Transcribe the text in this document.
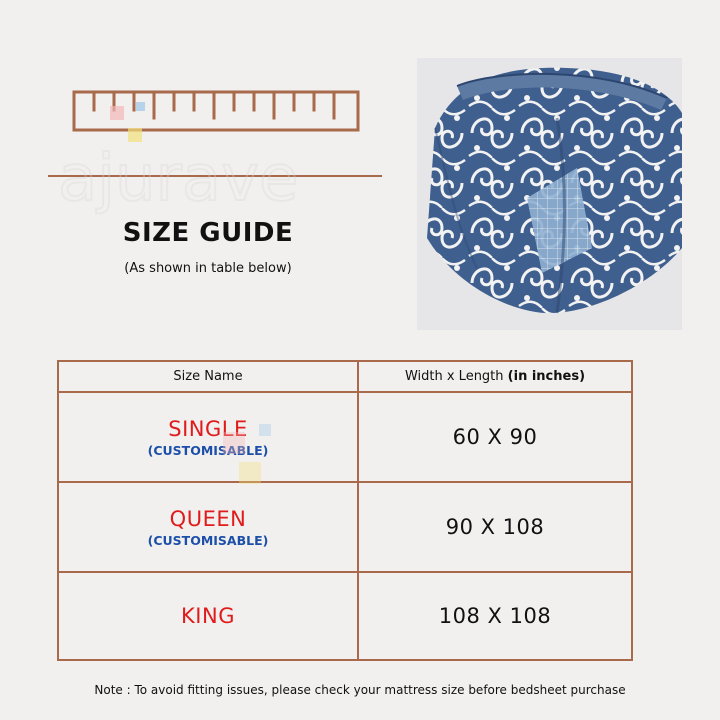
ajurave
SIZE GUIDE
(As shown in table below)
Size Name	Width x Length (in inches)
SINGLE
(CUSTOMISABLE)
60 X 90
QUEEN
(CUSTOMISABLE)
90 X 108
KING	108 X 108
Note : To avoid fitting issues, please check your mattress size before bedsheet purchase
